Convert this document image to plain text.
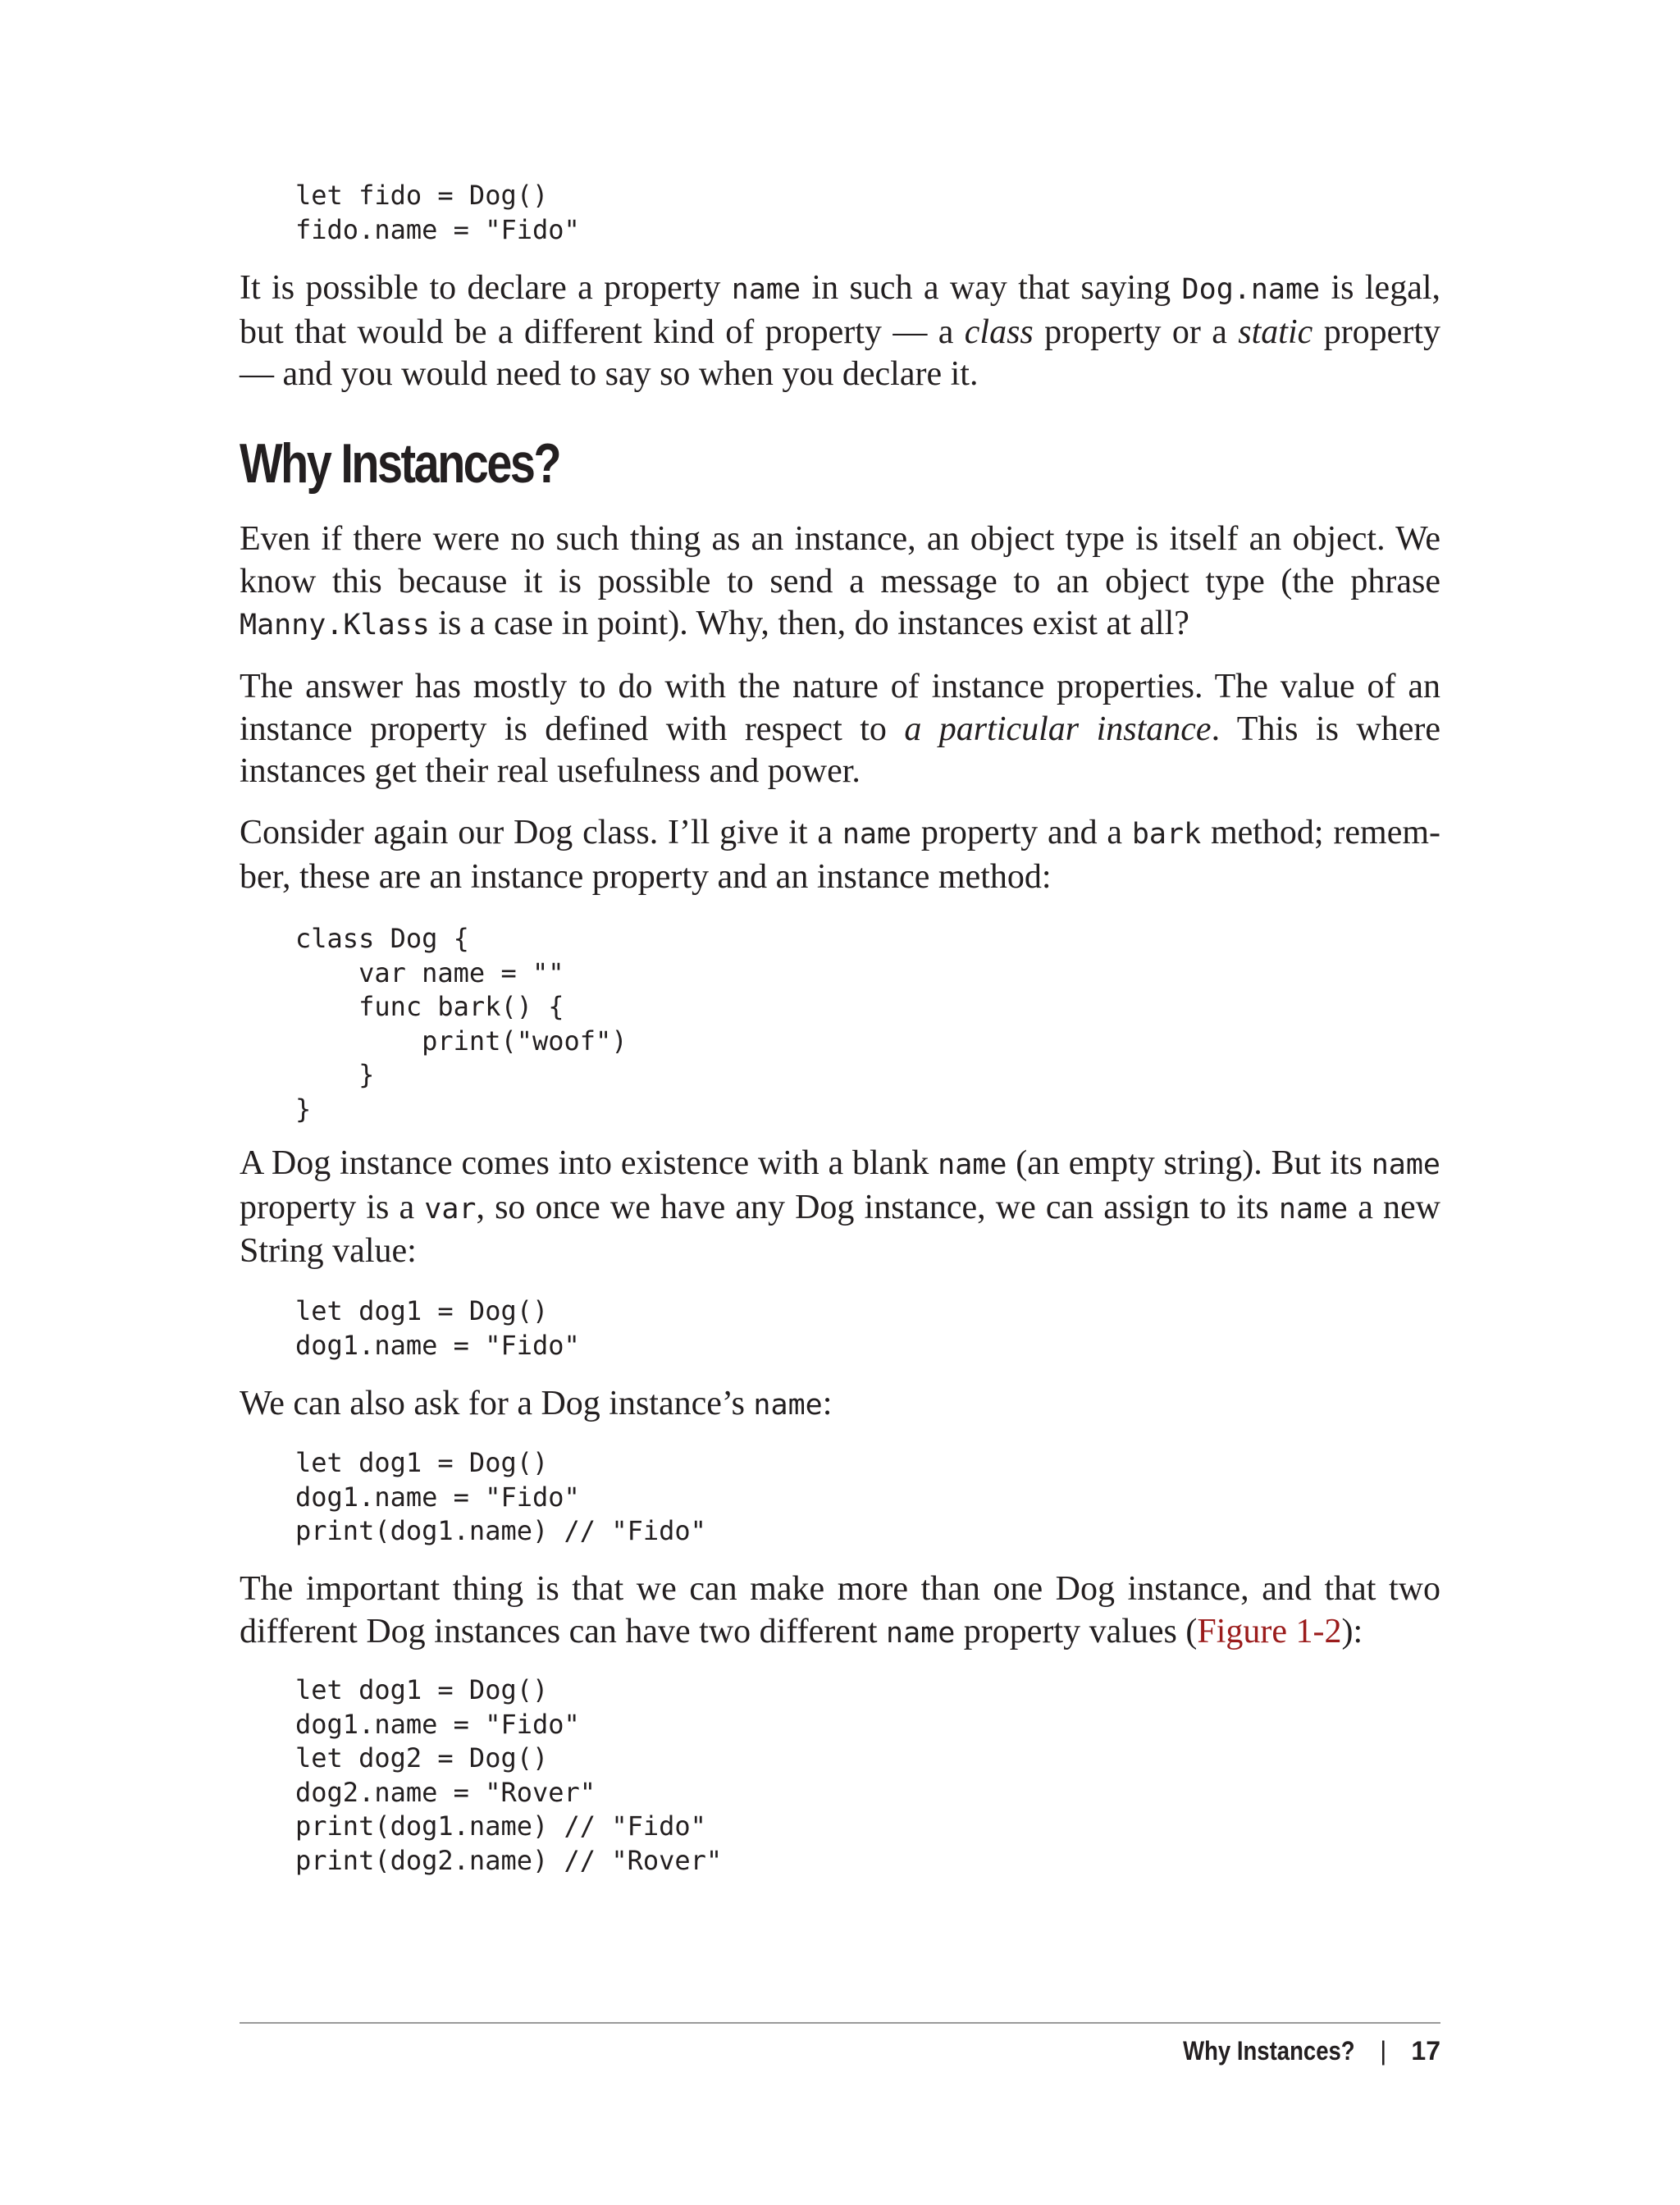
let fido = Dog()
fido.name = "Fido"

It is possible to declare a property name in such a way that saying Dog.name is legal, but that would be a different kind of property — a class property or a static property — and you would need to say so when you declare it.

Why Instances?

Even if there were no such thing as an instance, an object type is itself an object. We know this because it is possible to send a message to an object type (the phrase Manny.Klass is a case in point). Why, then, do instances exist at all?

The answer has mostly to do with the nature of instance properties. The value of an instance property is defined with respect to a particular instance. This is where instances get their real usefulness and power.

Consider again our Dog class. I’ll give it a name property and a bark method; remem‐ ber, these are an instance property and an instance method:

class Dog {
var name = ""
func bark() {
print("woof")
}
}

A Dog instance comes into existence with a blank name (an empty string). But its name property is a var, so once we have any Dog instance, we can assign to its name a new String value:

let dog1 = Dog()
dog1.name = "Fido"

We can also ask for a Dog instance’s name:

let dog1 = Dog()
dog1.name = "Fido"
print(dog1.name) // "Fido"

The important thing is that we can make more than one Dog instance, and that two different Dog instances can have two different name property values (Figure 1-2):

let dog1 = Dog()
dog1.name = "Fido"
let dog2 = Dog()
dog2.name = "Rover"
print(dog1.name) // "Fido"
print(dog2.name) // "Rover"
Why Instances? | 17
